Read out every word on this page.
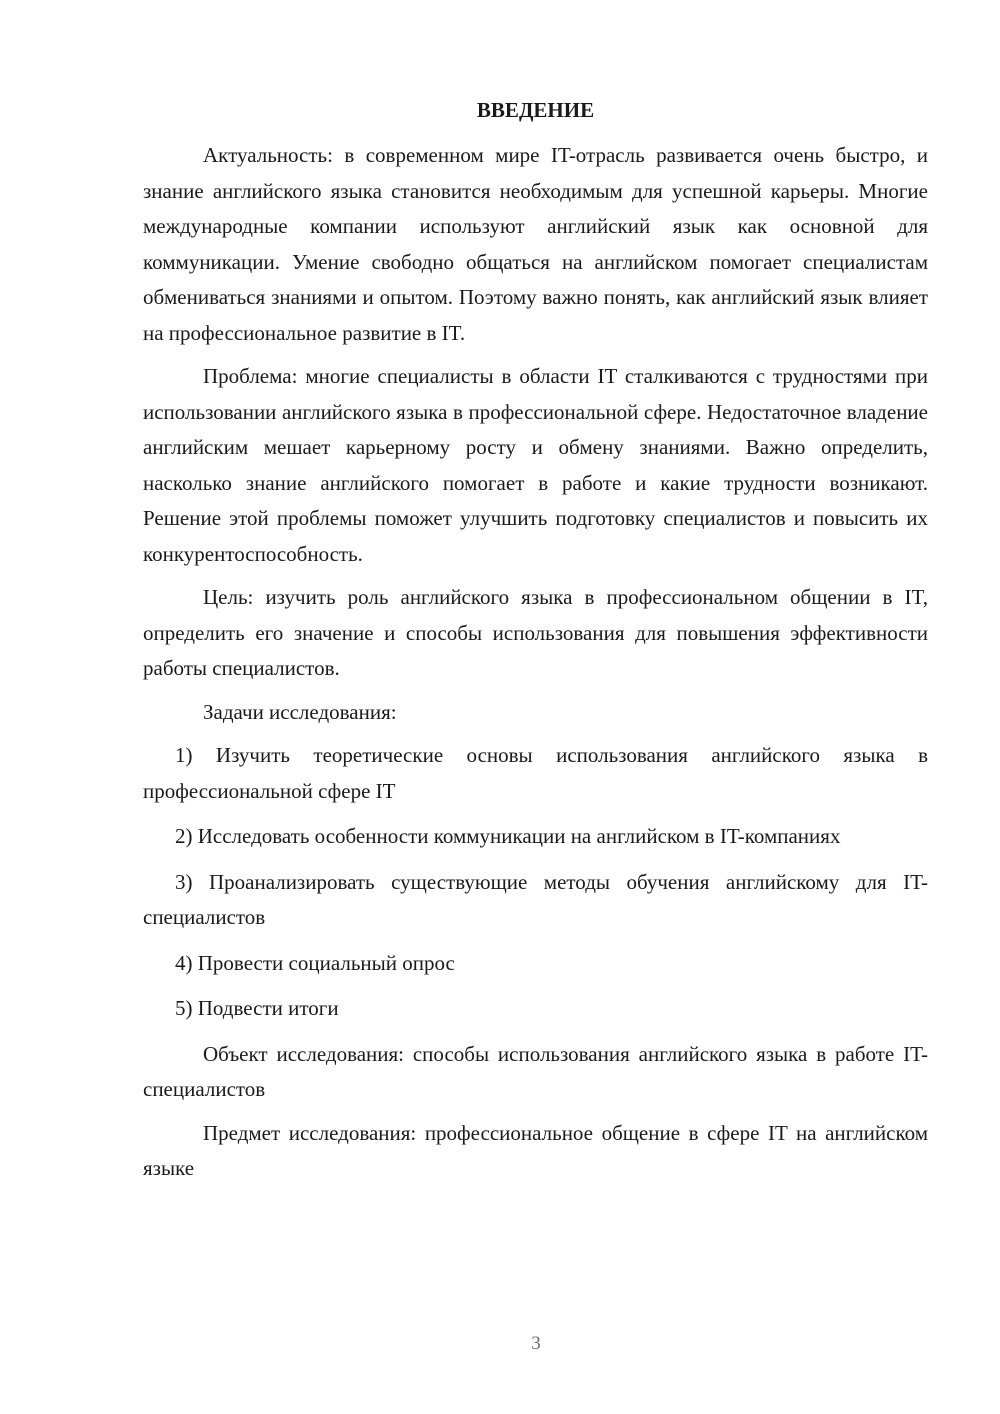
ВВЕДЕНИЕ

Актуальность: в современном мире IT-отрасль развивается очень быстро, и знание английского языка становится необходимым для успешной карьеры. Многие международные компании используют английский язык как основной для коммуникации. Умение свободно общаться на английском помогает специалистам обмениваться знаниями и опытом. Поэтому важно понять, как английский язык влияет на профессиональное развитие в IT.

Проблема: многие специалисты в области IT сталкиваются с трудностями при использовании английского языка в профессиональной сфере. Недостаточное владение английским мешает карьерному росту и обмену знаниями. Важно определить, насколько знание английского помогает в работе и какие трудности возникают. Решение этой проблемы поможет улучшить подготовку специалистов и повысить их конкурентоспособность.

Цель: изучить роль английского языка в профессиональном общении в IT, определить его значение и способы использования для повышения эффективности работы специалистов.

Задачи исследования:

1) Изучить теоретические основы использования английского языка в профессиональной сфере IT

2) Исследовать особенности коммуникации на английском в IT-компаниях

3) Проанализировать существующие методы обучения английскому для IT-специалистов

4) Провести социальный опрос

5) Подвести итоги

Объект исследования: способы использования английского языка в работе IT-специалистов

Предмет исследования: профессиональное общение в сфере IT на английском языке

3
